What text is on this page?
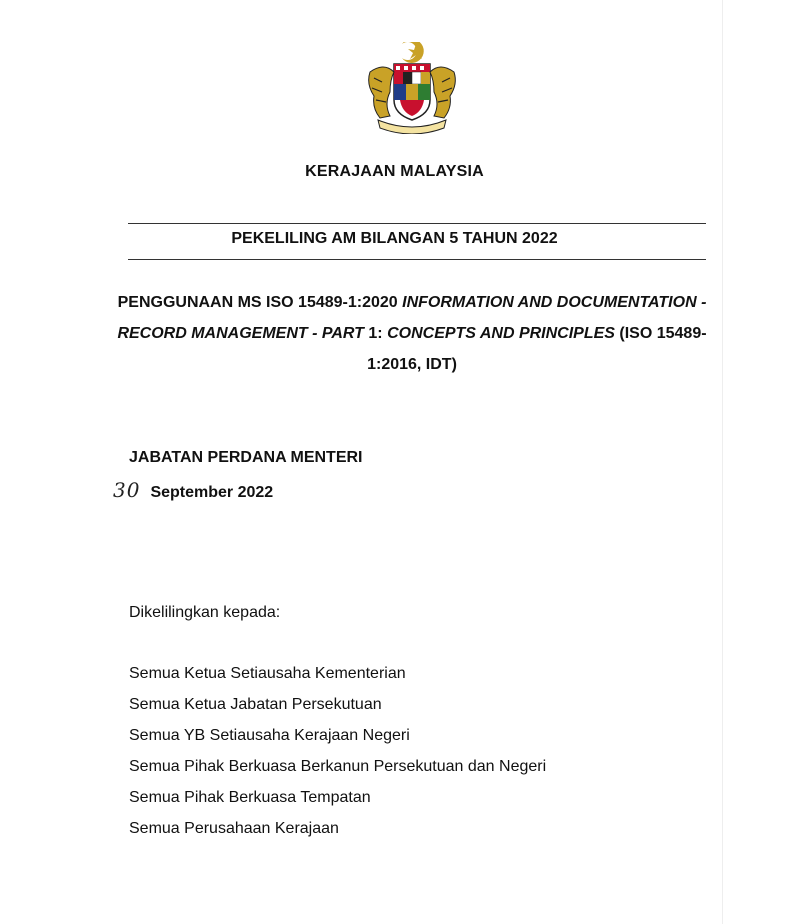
KERAJAAN MALAYSIA
PEKELILING AM BILANGAN 5 TAHUN 2022
PENGGUNAAN MS ISO 15489-1:2020 INFORMATION AND DOCUMENTATION - RECORD MANAGEMENT - PART 1: CONCEPTS AND PRINCIPLES (ISO 15489-1:2016, IDT)
JABATAN PERDANA MENTERI
30 September 2022
Dikelilingkan kepada:
Semua Ketua Setiausaha Kementerian
Semua Ketua Jabatan Persekutuan
Semua YB Setiausaha Kerajaan Negeri
Semua Pihak Berkuasa Berkanun Persekutuan dan Negeri
Semua Pihak Berkuasa Tempatan
Semua Perusahaan Kerajaan
